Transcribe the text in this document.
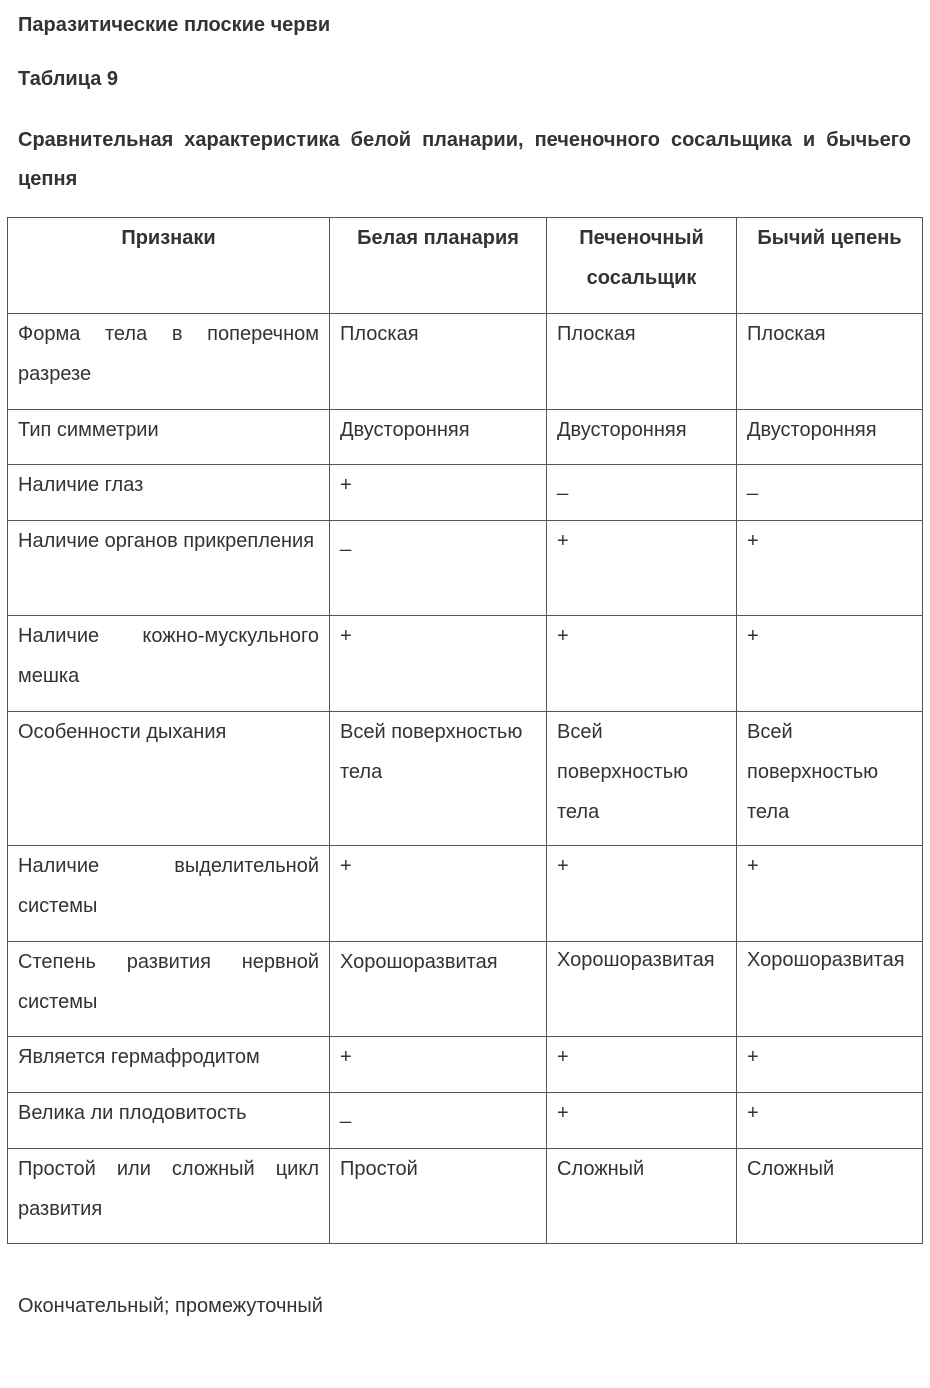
Паразитические плоские черви
Таблица 9
Сравнительная характеристика белой планарии, печеночного сосальщика и бычьего цепня
Признаки	Белая планария	Печеночный сосальщик	Бычий цепень
Форма тела в поперечном разрезе	Плоская	Плоская	Плоская
Тип симметрии	Двусторонняя	Двусторонняя	Двусторонняя
Наличие глаз	+	_	_
Наличие органов прикрепления	_	+	+
Наличие кожно-мускульного мешка	+	+	+
Особенности дыхания	Всей поверхностью тела	Всей поверхностью тела	Всей поверхностью тела
Наличие выделительной системы	+	+	+
Степень развития нервной системы	Хорошоразвитая	Хорошоразвитая	Хорошоразвитая
Является гермафродитом	+	+	+
Велика ли плодовитость	_	+	+
Простой или сложный цикл развития	Простой	Сложный	Сложный

Окончательный; промежуточный
